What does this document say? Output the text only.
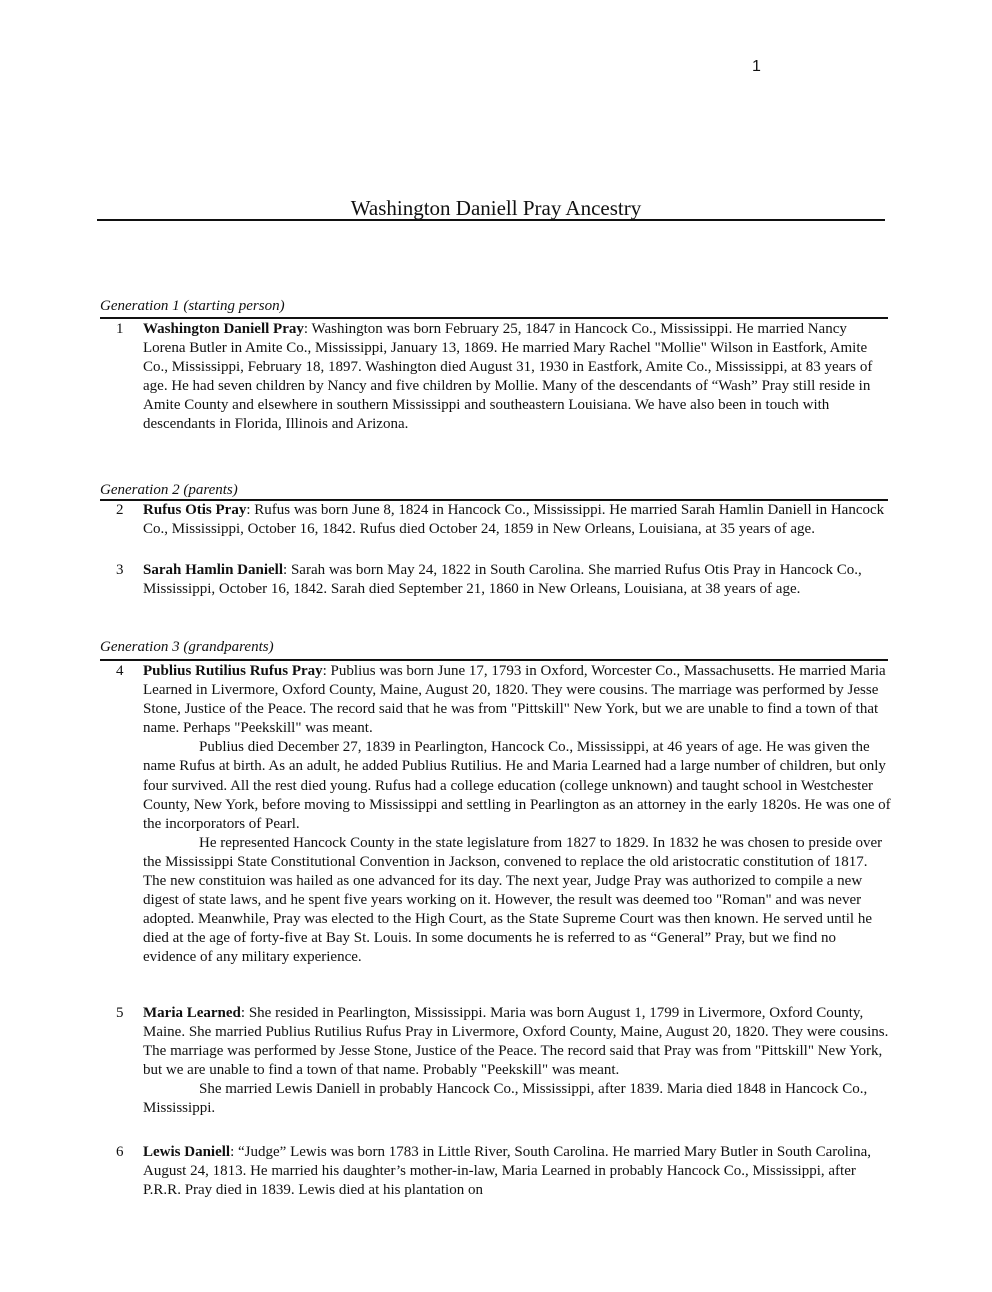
1
Washington Daniell Pray Ancestry
Generation 1 (starting person)
1 Washington Daniell Pray: Washington was born February 25, 1847 in Hancock Co., Mississippi. He married Nancy Lorena Butler in Amite Co., Mississippi, January 13, 1869. He married Mary Rachel "Mollie" Wilson in Eastfork, Amite Co., Mississippi, February 18, 1897. Washington died August 31, 1930 in Eastfork, Amite Co., Mississippi, at 83 years of age. He had seven children by Nancy and five children by Mollie. Many of the descendants of “Wash” Pray still reside in Amite County and elsewhere in southern Mississippi and southeastern Louisiana. We have also been in touch with descendants in Florida, Illinois and Arizona.

Generation 2 (parents)
2 Rufus Otis Pray: Rufus was born June 8, 1824 in Hancock Co., Mississippi. He married Sarah Hamlin Daniell in Hancock Co., Mississippi, October 16, 1842. Rufus died October 24, 1859 in New Orleans, Louisiana, at 35 years of age.

3 Sarah Hamlin Daniell: Sarah was born May 24, 1822 in South Carolina. She married Rufus Otis Pray in Hancock Co., Mississippi, October 16, 1842. Sarah died September 21, 1860 in New Orleans, Louisiana, at 38 years of age.

Generation 3 (grandparents)
4 Publius Rutilius Rufus Pray: Publius was born June 17, 1793 in Oxford, Worcester Co., Massachusetts. He married Maria Learned in Livermore, Oxford County, Maine, August 20, 1820. They were cousins. The marriage was performed by Jesse Stone, Justice of the Peace. The record said that he was from "Pittskill" New York, but we are unable to find a town of that name. Perhaps "Peekskill" was meant.

Publius died December 27, 1839 in Pearlington, Hancock Co., Mississippi, at 46 years of age. He was given the name Rufus at birth. As an adult, he added Publius Rutilius. He and Maria Learned had a large number of children, but only four survived. All the rest died young. Rufus had a college education (college unknown) and taught school in Westchester County, New York, before moving to Mississippi and settling in Pearlington as an attorney in the early 1820s. He was one of the incorporators of Pearl.

He represented Hancock County in the state legislature from 1827 to 1829. In 1832 he was chosen to preside over the Mississippi State Constitutional Convention in Jackson, convened to replace the old aristocratic constitution of 1817. The new constituion was hailed as one advanced for its day. The next year, Judge Pray was authorized to compile a new digest of state laws, and he spent five years working on it. However, the result was deemed too "Roman" and was never adopted. Meanwhile, Pray was elected to the High Court, as the State Supreme Court was then known. He served until he died at the age of forty-five at Bay St. Louis. In some documents he is referred to as “General” Pray, but we find no evidence of any military experience.

5 Maria Learned: She resided in Pearlington, Mississippi. Maria was born August 1, 1799 in Livermore, Oxford County, Maine. She married Publius Rutilius Rufus Pray in Livermore, Oxford County, Maine, August 20, 1820. They were cousins. The marriage was performed by Jesse Stone, Justice of the Peace. The record said that Pray was from "Pittskill" New York, but we are unable to find a town of that name. Probably "Peekskill" was meant.

She married Lewis Daniell in probably Hancock Co., Mississippi, after 1839. Maria died 1848 in Hancock Co., Mississippi.

6 Lewis Daniell: “Judge” Lewis was born 1783 in Little River, South Carolina. He married Mary Butler in South Carolina, August 24, 1813. He married his daughter’s mother-in-law, Maria Learned in probably Hancock Co., Mississippi, after P.R.R. Pray died in 1839. Lewis died at his plantation on
